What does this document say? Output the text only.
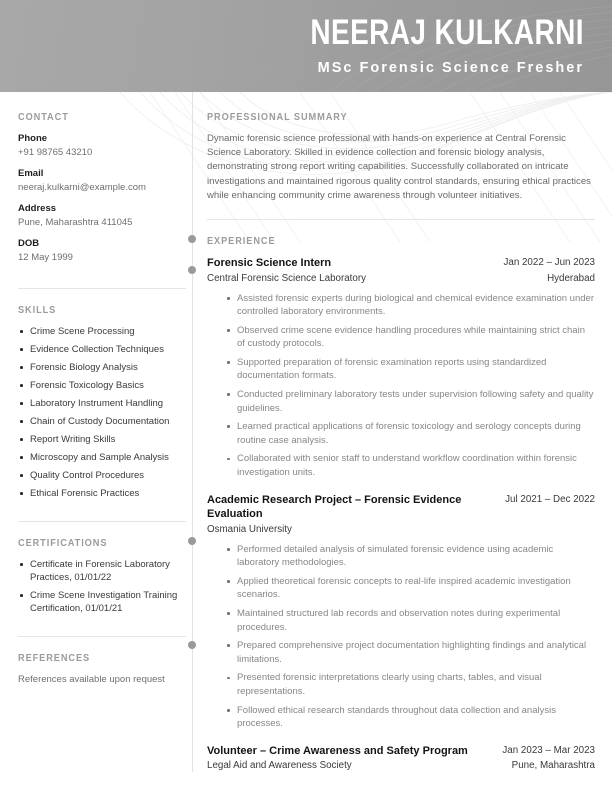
NEERAJ KULKARNI
MSc Forensic Science Fresher
CONTACT
Phone
+91 98765 43210
Email
neeraj.kulkarni@example.com
Address
Pune, Maharashtra 411045
DOB
12 May 1999
SKILLS
Crime Scene Processing
Evidence Collection Techniques
Forensic Biology Analysis
Forensic Toxicology Basics
Laboratory Instrument Handling
Chain of Custody Documentation
Report Writing Skills
Microscopy and Sample Analysis
Quality Control Procedures
Ethical Forensic Practices
CERTIFICATIONS
Certificate in Forensic Laboratory Practices, 01/01/22
Crime Scene Investigation Training Certification, 01/01/21
REFERENCES
References available upon request
PROFESSIONAL SUMMARY

Dynamic forensic science professional with hands-on experience at Central Forensic Science Laboratory. Skilled in evidence collection and forensic biology analysis, demonstrating strong report writing capabilities. Successfully collaborated on intricate investigations and maintained rigorous quality control standards, ensuring ethical practices while enhancing community crime awareness through volunteer initiatives.

EXPERIENCE
Forensic Science Intern
Central Forensic Science Laboratory
Jan 2022 – Jun 2023
Hyderabad
Assisted forensic experts during biological and chemical evidence examination under controlled laboratory environments.
Observed crime scene evidence handling procedures while maintaining strict chain of custody protocols.
Supported preparation of forensic examination reports using standardized documentation formats.
Conducted preliminary laboratory tests under supervision following safety and quality guidelines.
Learned practical applications of forensic toxicology and serology concepts during routine case analysis.
Collaborated with senior staff to understand workflow coordination within forensic investigation units.
Academic Research Project – Forensic Evidence Evaluation
Osmania University
Jul 2021 – Dec 2022
Performed detailed analysis of simulated forensic evidence using academic laboratory methodologies.
Applied theoretical forensic concepts to real-life inspired academic investigation scenarios.
Maintained structured lab records and observation notes during experimental procedures.
Prepared comprehensive project documentation highlighting findings and analytical limitations.
Presented forensic interpretations clearly using charts, tables, and visual representations.
Followed ethical research standards throughout data collection and analysis processes.
Volunteer – Crime Awareness and Safety Program
Legal Aid and Awareness Society
Jan 2023 – Mar 2023
Pune, Maharashtra
